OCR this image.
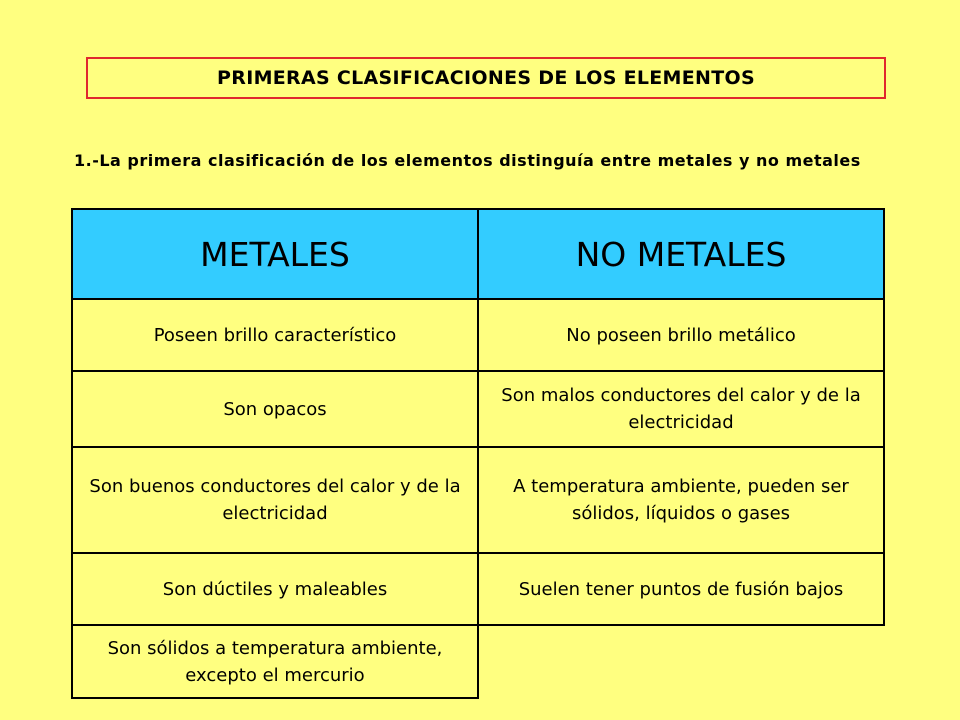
PRIMERAS CLASIFICACIONES DE LOS ELEMENTOS
1.-La primera clasificación de los elementos distinguía entre metales y no metales
METALES	NO METALES
Poseen brillo característico	No poseen brillo metálico
Son opacos	Son malos conductores del calor y de la electricidad
Son buenos conductores del calor y de la electricidad	A temperatura ambiente, pueden ser sólidos, líquidos o gases
Son dúctiles y maleables	Suelen tener puntos de fusión bajos
Son sólidos a temperatura ambiente, excepto el mercurio	
